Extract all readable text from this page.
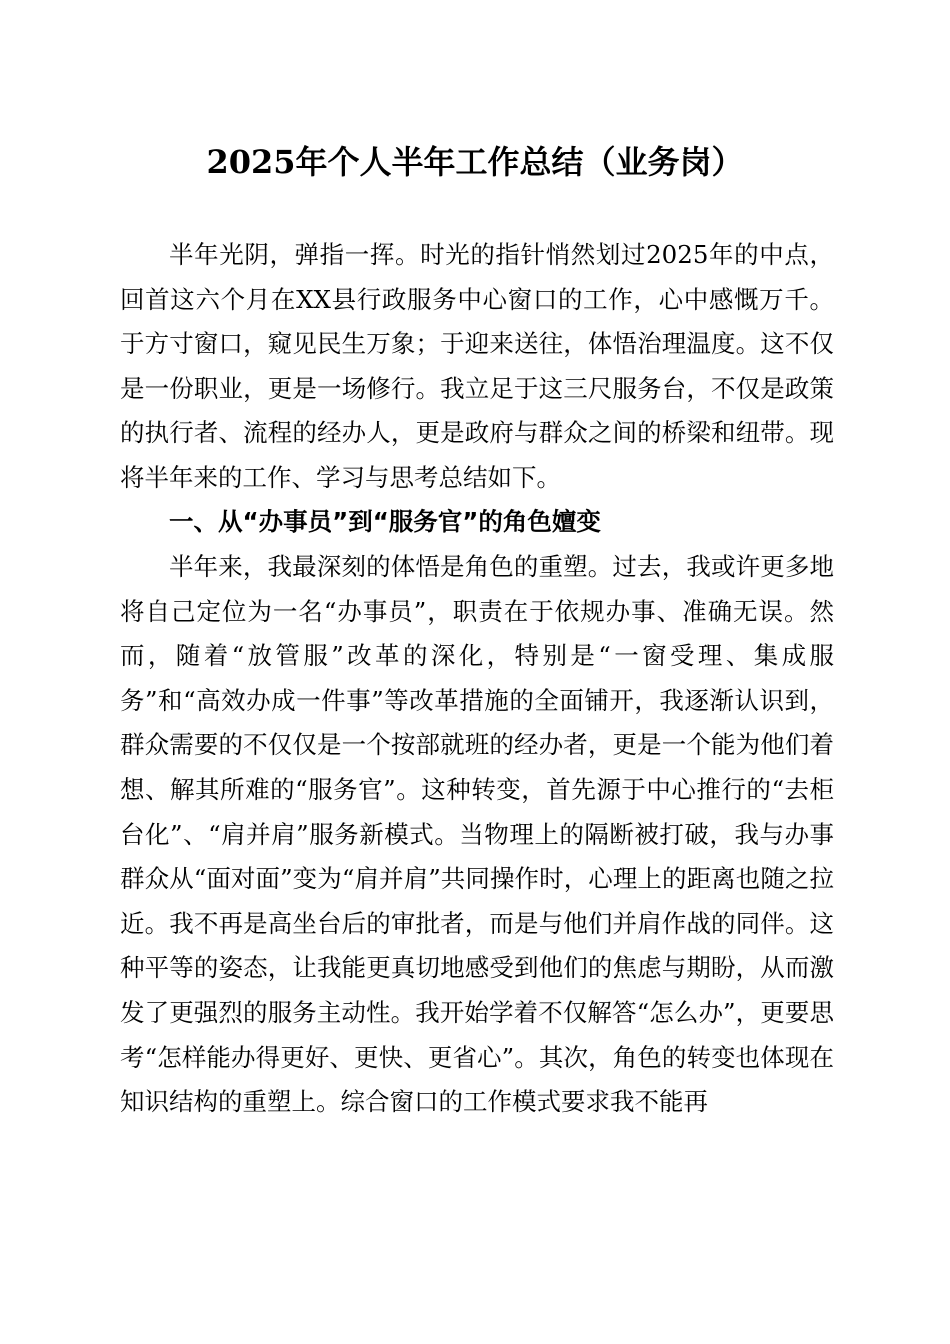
2025年个人半年工作总结（业务岗）

半年光阴，弹指一挥。时光的指针悄然划过2025年的中点，回首这六个月在XX县行政服务中心窗口的工作，心中感慨万千。于方寸窗口，窥见民生万象；于迎来送往，体悟治理温度。这不仅是一份职业，更是一场修行。我立足于这三尺服务台，不仅是政策的执行者、流程的经办人，更是政府与群众之间的桥梁和纽带。现将半年来的工作、学习与思考总结如下。

一、从“办事员”到“服务官”的角色嬗变

半年来，我最深刻的体悟是角色的重塑。过去，我或许更多地将自己定位为一名“办事员”，职责在于依规办事、准确无误。然而，随着“放管服”改革的深化，特别是“一窗受理、集成服务”和“高效办成一件事”等改革措施的全面铺开，我逐渐认识到，群众需要的不仅仅是一个按部就班的经办者，更是一个能为他们着想、解其所难的“服务官”。这种转变，首先源于中心推行的“去柜台化”、“肩并肩”服务新模式。当物理上的隔断被打破，我与办事群众从“面对面”变为“肩并肩”共同操作时，心理上的距离也随之拉近。我不再是高坐台后的审批者，而是与他们并肩作战的同伴。这种平等的姿态，让我能更真切地感受到他们的焦虑与期盼，从而激发了更强烈的服务主动性。我开始学着不仅解答“怎么办”，更要思考“怎样能办得更好、更快、更省心”。其次，角色的转变也体现在知识结构的重塑上。综合窗口的工作模式要求我不能再
